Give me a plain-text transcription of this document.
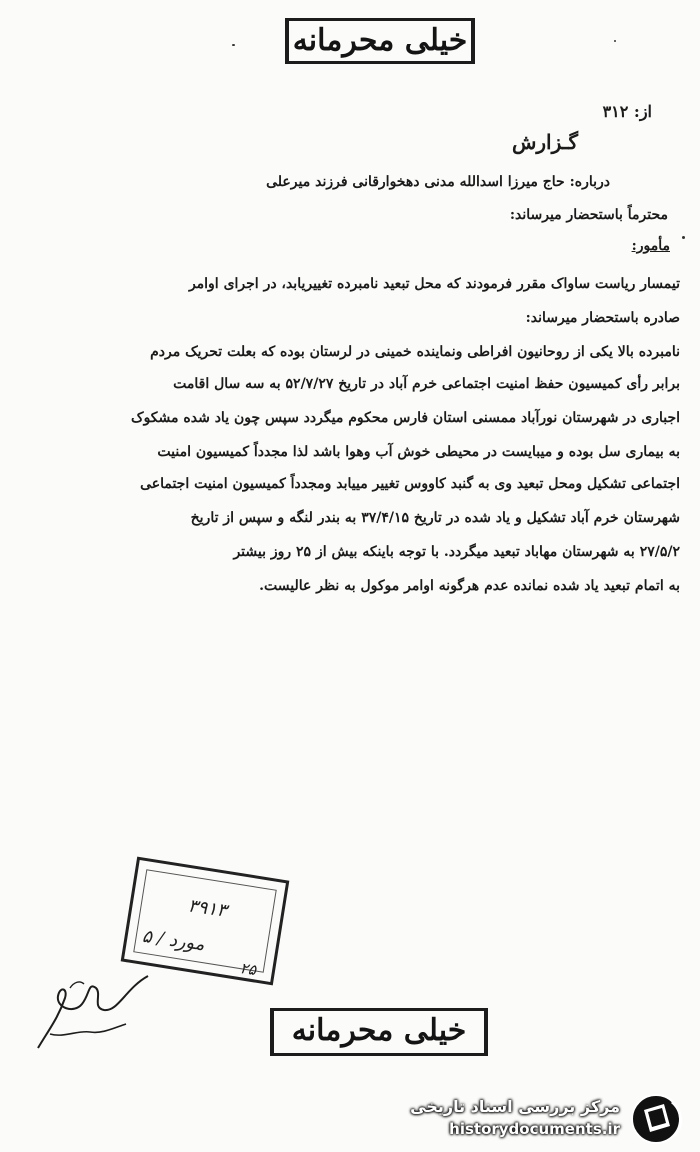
خیلی محرمانه
از: ۳۱۲
گـزارش
درباره: حاج میرزا اسدالله مدنی دهخوارقانی فرزند میرعلی
محترماً باستحضار میرساند:
مأمور:
تیمسار ریاست ساواک مقرر فرمودند که محل تبعید نامبرده تغییریابد، در اجرای اوامر
صادره باستحضار میرساند:
نامبرده بالا یکی از روحانیون افراطی ونماینده خمینی در لرستان بوده که بعلت تحریک مردم
برابر رأی کمیسیون حفظ امنیت اجتماعی خرم آباد در تاریخ ۵۲/۷/۲۷ به سه سال اقامت
اجباری در شهرستان نورآباد ممسنی استان فارس محکوم میگردد سپس چون یاد شده مشکوک
به بیماری سل بوده و میبایست در محیطی خوش آب وهوا باشد لذا مجدداً کمیسیون امنیت
اجتماعی تشکیل ومحل تبعید وی به گنبد کاووس تغییر مییابد ومجدداً کمیسیون امنیت اجتماعی
شهرستان خرم آباد تشکیل و یاد شده در تاریخ ۳۷/۴/۱۵ به بندر لنگه و سپس از تاریخ
۲۷/۵/۲ به شهرستان مهاباد تبعید میگردد. با توجه باینکه بیش از ۲۵ روز بیشتر
به اتمام تبعید یاد شده نمانده عدم هرگونه اوامر موکول به نظر عالیست.
۳۹۱۳
۵ / مورد
۲۵
خیلی محرمانه
مرکز بررسی اسناد تاریخی
historydocuments.ir
